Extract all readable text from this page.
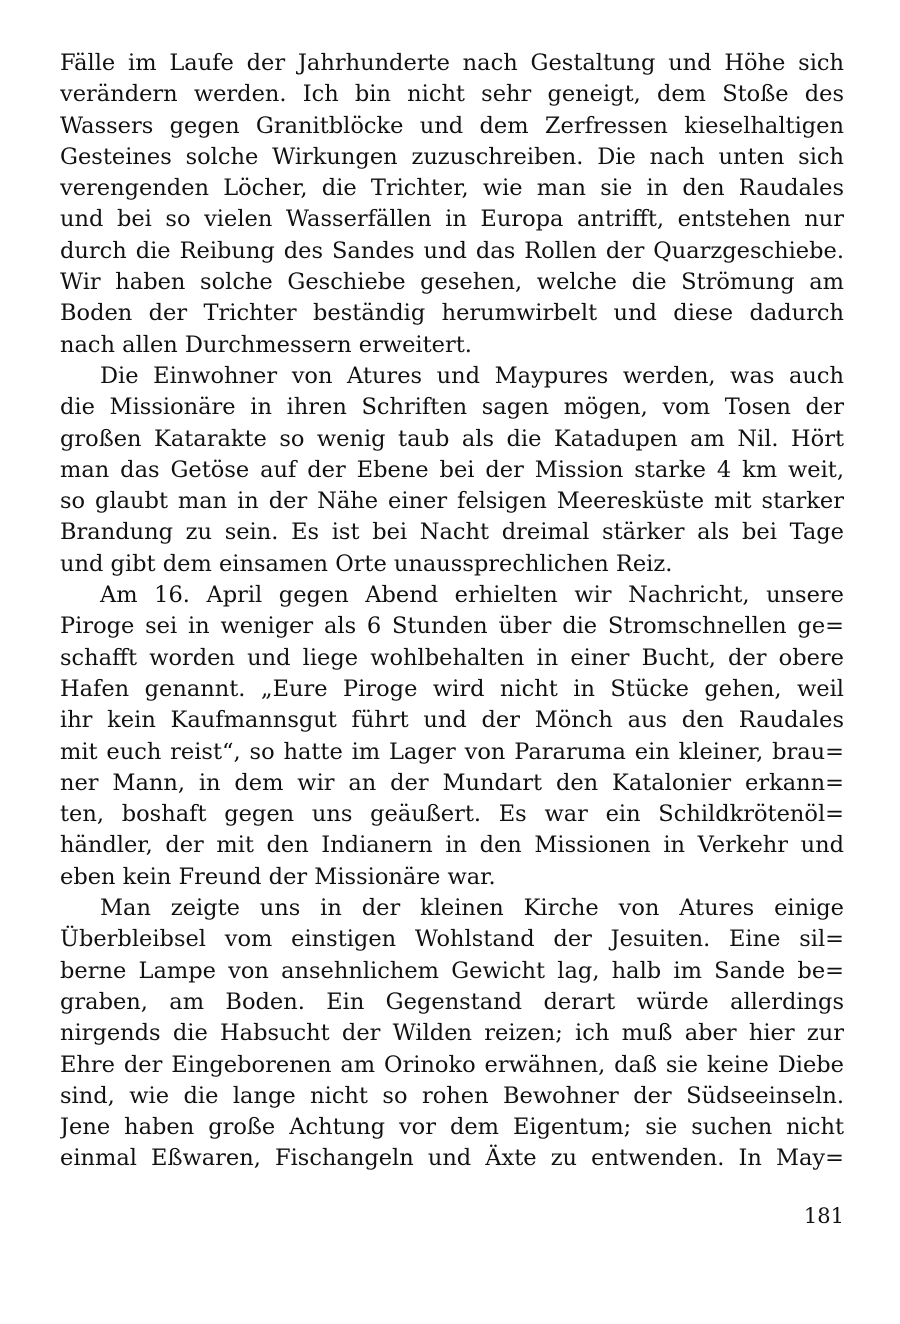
Fälle im Laufe der Jahrhunderte nach Gestaltung und Höhe sich
verändern werden. Ich bin nicht sehr geneigt, dem Stoße des
Wassers gegen Granitblöcke und dem Zerfressen kieselhaltigen
Gesteines solche Wirkungen zuzuschreiben. Die nach unten sich
verengenden Löcher, die Trichter, wie man sie in den Raudales
und bei so vielen Wasserfällen in Europa antrifft, entstehen nur
durch die Reibung des Sandes und das Rollen der Quarzgeschiebe.
Wir haben solche Geschiebe gesehen, welche die Strömung am
Boden der Trichter beständig herumwirbelt und diese dadurch
nach allen Durchmessern erweitert.
Die Einwohner von Atures und Maypures werden, was auch
die Missionäre in ihren Schriften sagen mögen, vom Tosen der
großen Katarakte so wenig taub als die Katadupen am Nil. Hört
man das Getöse auf der Ebene bei der Mission starke 4 km weit,
so glaubt man in der Nähe einer felsigen Meeresküste mit starker
Brandung zu sein. Es ist bei Nacht dreimal stärker als bei Tage
und gibt dem einsamen Orte unaussprechlichen Reiz.
Am 16. April gegen Abend erhielten wir Nachricht, unsere
Piroge sei in weniger als 6 Stunden über die Stromschnellen ge=
schafft worden und liege wohlbehalten in einer Bucht, der obere
Hafen genannt. „Eure Piroge wird nicht in Stücke gehen, weil
ihr kein Kaufmannsgut führt und der Mönch aus den Raudales
mit euch reist“, so hatte im Lager von Pararuma ein kleiner, brau=
ner Mann, in dem wir an der Mundart den Katalonier erkann=
ten, boshaft gegen uns geäußert. Es war ein Schildkrötenöl=
händler, der mit den Indianern in den Missionen in Verkehr und
eben kein Freund der Missionäre war.
Man zeigte uns in der kleinen Kirche von Atures einige
Überbleibsel vom einstigen Wohlstand der Jesuiten. Eine sil=
berne Lampe von ansehnlichem Gewicht lag, halb im Sande be=
graben, am Boden. Ein Gegenstand derart würde allerdings
nirgends die Habsucht der Wilden reizen; ich muß aber hier zur
Ehre der Eingeborenen am Orinoko erwähnen, daß sie keine Diebe
sind, wie die lange nicht so rohen Bewohner der Südseeinseln.
Jene haben große Achtung vor dem Eigentum; sie suchen nicht
einmal Eßwaren, Fischangeln und Äxte zu entwenden. In May=
181
